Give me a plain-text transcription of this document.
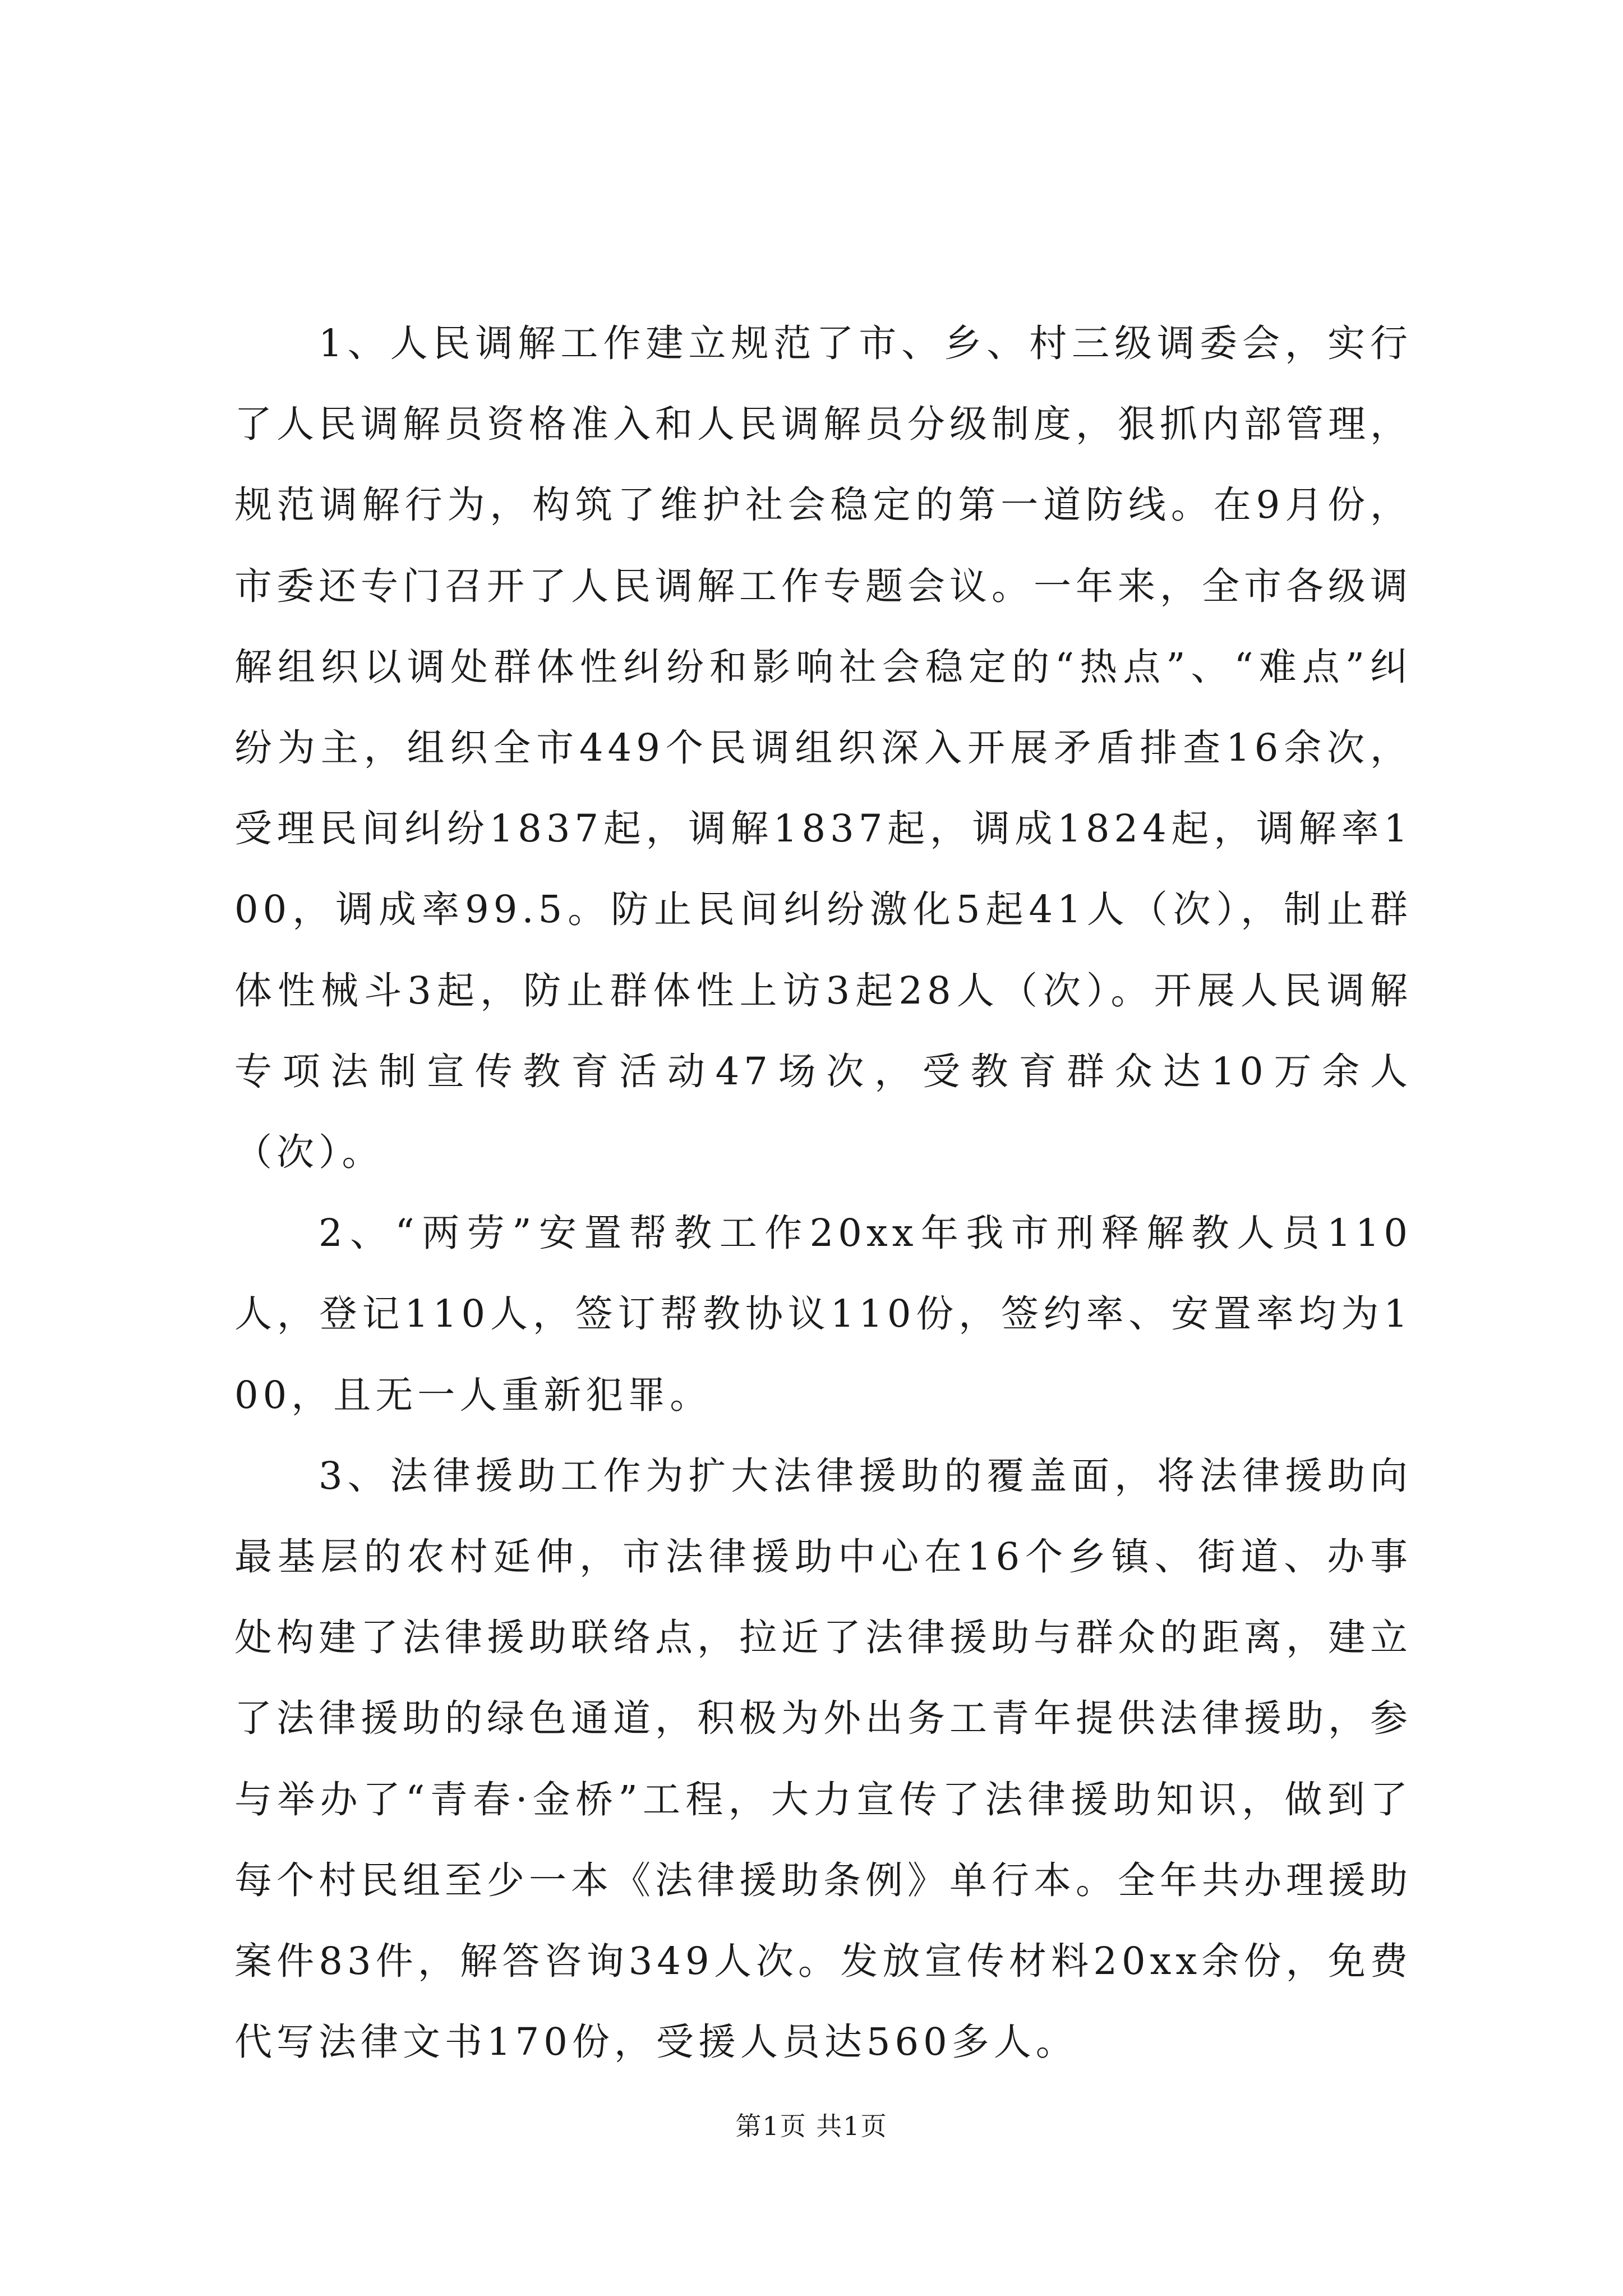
1、人民调解工作建立规范了市、乡、村三级调委会，实行了人民调解员资格准入和人民调解员分级制度，狠抓内部管理，规范调解行为，构筑了维护社会稳定的第一道防线。在9月份，市委还专门召开了人民调解工作专题会议。一年来，全市各级调解组织以调处群体性纠纷和影响社会稳定的“热点”、“难点”纠纷为主，组织全市449个民调组织深入开展矛盾排查16余次，受理民间纠纷1837起，调解1837起，调成1824起，调解率100，调成率99.5。防止民间纠纷激化5起41人（次），制止群体性械斗3起，防止群体性上访3起28人（次）。开展人民调解专项法制宣传教育活动47场次，受教育群众达10万余人（次）。

2、“两劳”安置帮教工作20xx年我市刑释解教人员110人，登记110人，签订帮教协议110份，签约率、安置率均为100，且无一人重新犯罪。

3、法律援助工作为扩大法律援助的覆盖面，将法律援助向最基层的农村延伸，市法律援助中心在16个乡镇、街道、办事处构建了法律援助联络点，拉近了法律援助与群众的距离，建立了法律援助的绿色通道，积极为外出务工青年提供法律援助，参与举办了“青春·金桥”工程，大力宣传了法律援助知识，做到了每个村民组至少一本《法律援助条例》单行本。全年共办理援助案件83件，解答咨询349人次。发放宣传材料20xx余份，免费代写法律文书170份，受援人员达560多人。

第1页 共1页
